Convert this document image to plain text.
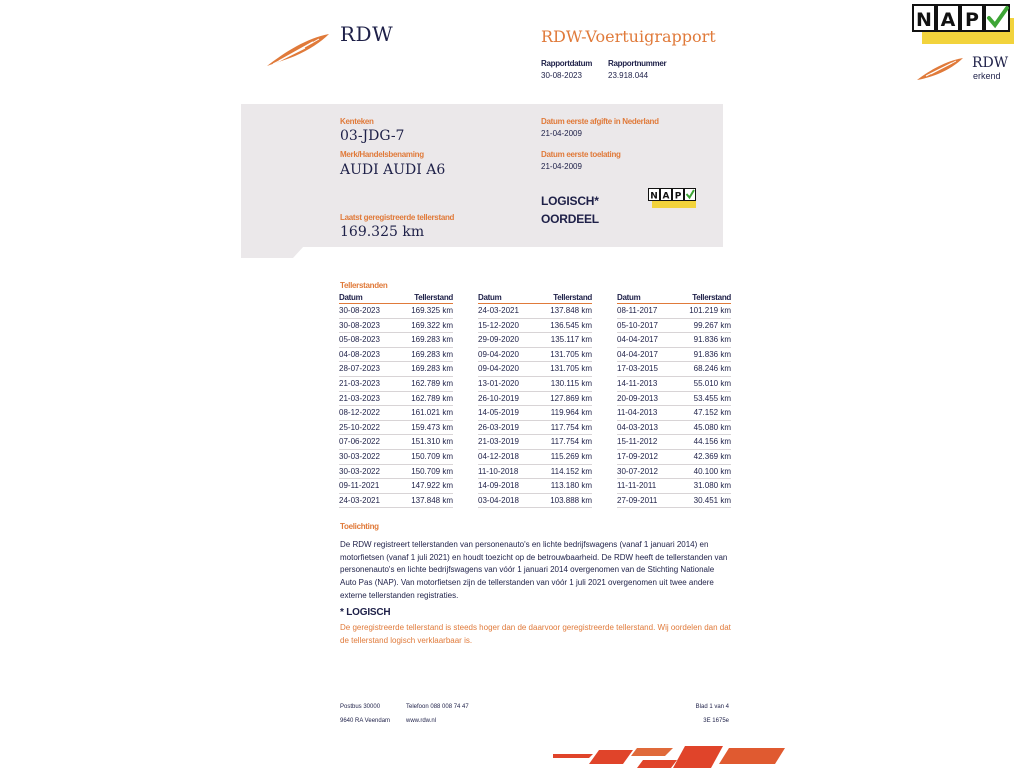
RDW	RDW-Voertuigrapport
Rapportdatum
30-08-2023
Rapportnummer
23.918.044
N A P
RDW
erkend
Kenteken
03-JDG-7
Merk/Handelsbenaming
AUDI AUDI A6
Datum eerste afgifte in Nederland
21-04-2009
Datum eerste toelating
21-04-2009
LOGISCH*
OORDEEL
N A P
Laatst geregistreerde tellerstand
169.325 km
Tellerstanden
Datum	Tellerstand
30-08-2023	169.325 km
30-08-2023	169.322 km
05-08-2023	169.283 km
04-08-2023	169.283 km
28-07-2023	169.283 km
21-03-2023	162.789 km
21-03-2023	162.789 km
08-12-2022	161.021 km
25-10-2022	159.473 km
07-06-2022	151.310 km
30-03-2022	150.709 km
30-03-2022	150.709 km
09-11-2021	147.922 km
24-03-2021	137.848 km
Datum	Tellerstand
24-03-2021	137.848 km
15-12-2020	136.545 km
29-09-2020	135.117 km
09-04-2020	131.705 km
09-04-2020	131.705 km
13-01-2020	130.115 km
26-10-2019	127.869 km
14-05-2019	119.964 km
26-03-2019	117.754 km
21-03-2019	117.754 km
04-12-2018	115.269 km
11-10-2018	114.152 km
14-09-2018	113.180 km
03-04-2018	103.888 km
Datum	Tellerstand
08-11-2017	101.219 km
05-10-2017	99.267 km
04-04-2017	91.836 km
04-04-2017	91.836 km
17-03-2015	68.246 km
14-11-2013	55.010 km
20-09-2013	53.455 km
11-04-2013	47.152 km
04-03-2013	45.080 km
15-11-2012	44.156 km
17-09-2012	42.369 km
30-07-2012	40.100 km
11-11-2011	31.080 km
27-09-2011	30.451 km
Toelichting
De RDW registreert tellerstanden van personenauto's en lichte bedrijfswagens (vanaf 1 januari 2014) en motorfietsen (vanaf 1 juli 2021) en houdt toezicht op de betrouwbaarheid. De RDW heeft de tellerstanden van personenauto's en lichte bedrijfswagens van vóór 1 januari 2014 overgenomen van de Stichting Nationale Auto Pas (NAP). Van motorfietsen zijn de tellerstanden van vóór 1 juli 2021 overgenomen uit twee andere externe tellerstanden registraties.
* LOGISCH
De geregistreerde tellerstand is steeds hoger dan de daarvoor geregistreerde tellerstand. Wij oordelen dan dat de tellerstand logisch verklaarbaar is.
Postbus 30000
9640 RA Veendam
Telefoon 088 008 74 47
www.rdw.nl
Blad 1 van 4
3E 1675e
